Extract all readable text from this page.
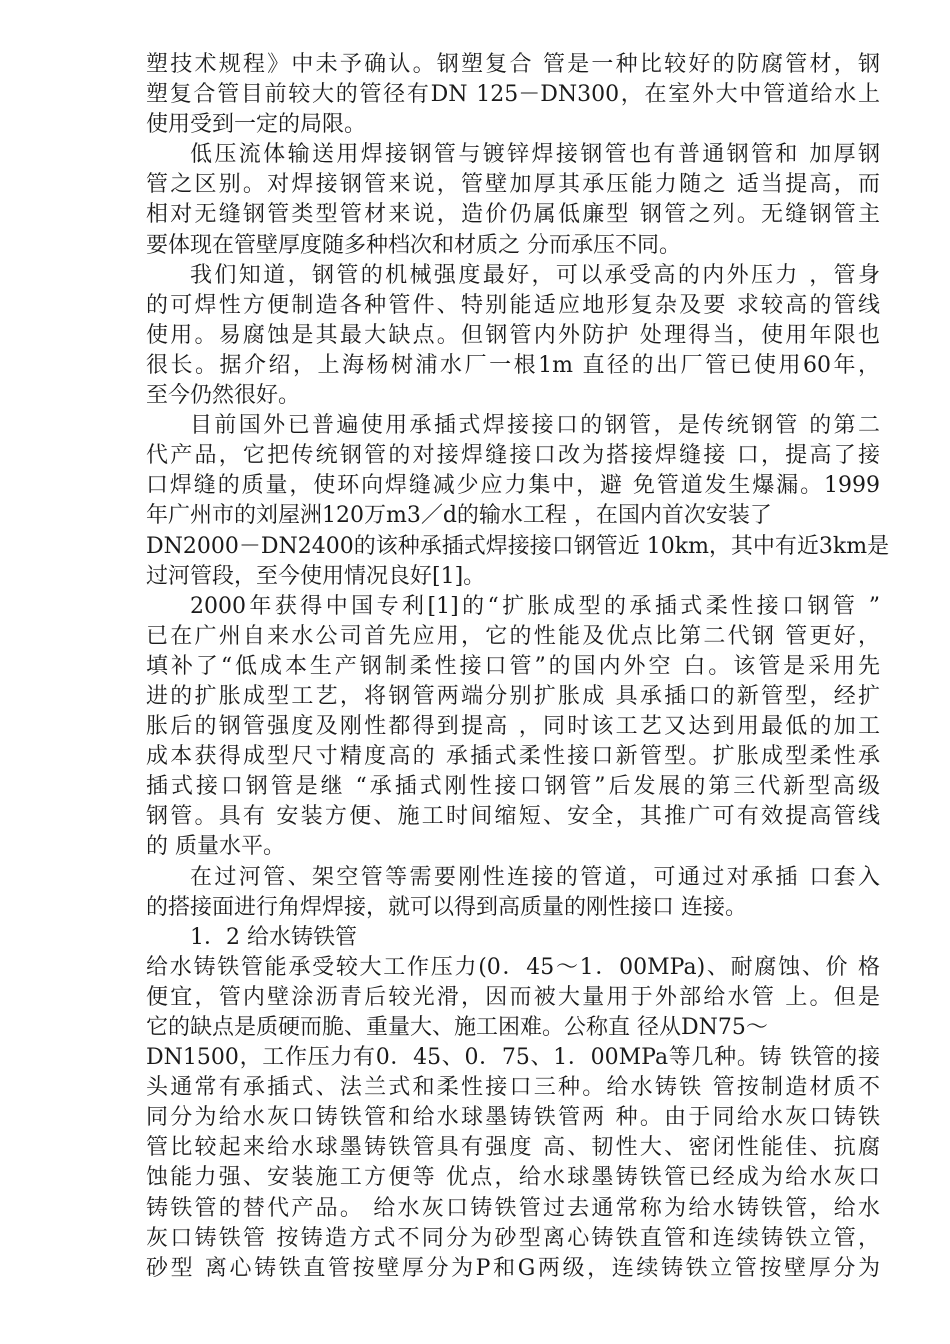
塑技术规程》中未予确认。钢塑复合 管是一种比较好的防腐管材，钢
塑复合管目前较大的管径有DN 125－DN300，在室外大中管道给水上
使用受到一定的局限。
低压流体输送用焊接钢管与镀锌焊接钢管也有普通钢管和 加厚钢
管之区别。对焊接钢管来说，管壁加厚其承压能力随之 适当提高，而
相对无缝钢管类型管材来说，造价仍属低廉型 钢管之列。无缝钢管主
要体现在管壁厚度随多种档次和材质之 分而承压不同。
我们知道，钢管的机械强度最好，可以承受高的内外压力 ，管身
的可焊性方便制造各种管件、特别能适应地形复杂及要 求较高的管线
使用。易腐蚀是其最大缺点。但钢管内外防护 处理得当，使用年限也
很长。据介绍，上海杨树浦水厂一根1m 直径的出厂管已使用60年，
至今仍然很好。
目前国外已普遍使用承插式焊接接口的钢管，是传统钢管 的第二
代产品，它把传统钢管的对接焊缝接口改为搭接焊缝接 口，提高了接
口焊缝的质量，使环向焊缝减少应力集中，避 免管道发生爆漏。1999
年广州市的刘屋洲120万m3／d的输水工程 ，在国内首次安装了
DN2000－DN2400的该种承插式焊接接口钢管近 10km，其中有近3km是
过河管段，至今使用情况良好[1]。
2000年获得中国专利[1]的“扩胀成型的承插式柔性接口钢管 ”
已在广州自来水公司首先应用，它的性能及优点比第二代钢 管更好，
填补了“低成本生产钢制柔性接口管”的国内外空 白。该管是采用先
进的扩胀成型工艺，将钢管两端分别扩胀成 具承插口的新管型，经扩
胀后的钢管强度及刚性都得到提高 ，同时该工艺又达到用最低的加工
成本获得成型尺寸精度高的 承插式柔性接口新管型。扩胀成型柔性承
插式接口钢管是继 “承插式刚性接口钢管”后发展的第三代新型高级
钢管。具有 安装方便、施工时间缩短、安全，其推广可有效提高管线
的 质量水平。
在过河管、架空管等需要刚性连接的管道，可通过对承插 口套入
的搭接面进行角焊焊接，就可以得到高质量的刚性接口 连接。
1．2 给水铸铁管
给水铸铁管能承受较大工作压力(0．45～1．00MPa)、耐腐蚀、价 格
便宜，管内壁涂沥青后较光滑，因而被大量用于外部给水管 上。但是
它的缺点是质硬而脆、重量大、施工困难。公称直 径从DN75～
DN1500，工作压力有0．45、0．75、1．00MPa等几种。铸 铁管的接
头通常有承插式、法兰式和柔性接口三种。给水铸铁 管按制造材质不
同分为给水灰口铸铁管和给水球墨铸铁管两 种。由于同给水灰口铸铁
管比较起来给水球墨铸铁管具有强度 高、韧性大、密闭性能佳、抗腐
蚀能力强、安装施工方便等 优点，给水球墨铸铁管已经成为给水灰口
铸铁管的替代产品。 给水灰口铸铁管过去通常称为给水铸铁管，给水
灰口铸铁管 按铸造方式不同分为砂型离心铸铁直管和连续铸铁立管，
砂型 离心铸铁直管按壁厚分为P和G两级，连续铸铁立管按壁厚分为
